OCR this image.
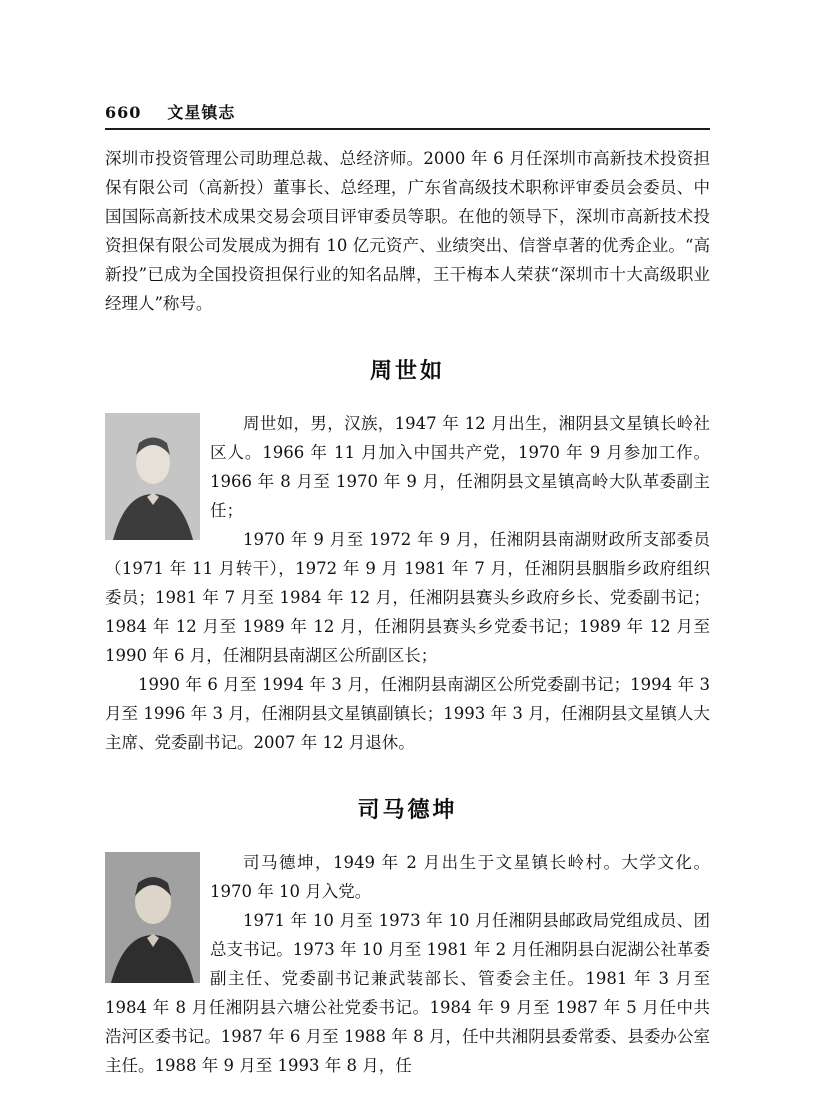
660 文星镇志

深圳市投资管理公司助理总裁、总经济师。2000 年 6 月任深圳市高新技术投资担保有限公司（高新投）董事长、总经理，广东省高级技术职称评审委员会委员、中国国际高新技术成果交易会项目评审委员等职。在他的领导下，深圳市高新技术投资担保有限公司发展成为拥有 10 亿元资产、业绩突出、信誉卓著的优秀企业。“高新投”已成为全国投资担保行业的知名品牌，王干梅本人荣获“深圳市十大高级职业经理人”称号。

周世如

周世如，男，汉族，1947 年 12 月出生，湘阴县文星镇长岭社区人。1966 年 11 月加入中国共产党，1970 年 9 月参加工作。1966 年 8 月至 1970 年 9 月，任湘阴县文星镇高岭大队革委副主任；

1970 年 9 月至 1972 年 9 月，任湘阴县南湖财政所支部委员（1971 年 11 月转干），1972 年 9 月 1981 年 7 月，任湘阴县胭脂乡政府组织委员；1981 年 7 月至 1984 年 12 月，任湘阴县赛头乡政府乡长、党委副书记；1984 年 12 月至 1989 年 12 月，任湘阴县赛头乡党委书记；1989 年 12 月至 1990 年 6 月，任湘阴县南湖区公所副区长；

1990 年 6 月至 1994 年 3 月，任湘阴县南湖区公所党委副书记；1994 年 3 月至 1996 年 3 月，任湘阴县文星镇副镇长；1993 年 3 月，任湘阴县文星镇人大主席、党委副书记。2007 年 12 月退休。

司马德坤

司马德坤，1949 年 2 月出生于文星镇长岭村。大学文化。1970 年 10 月入党。

1971 年 10 月至 1973 年 10 月任湘阴县邮政局党组成员、团总支书记。1973 年 10 月至 1981 年 2 月任湘阴县白泥湖公社革委副主任、党委副书记兼武装部长、管委会主任。1981 年 3 月至 1984 年 8 月任湘阴县六塘公社党委书记。1984 年 9 月至 1987 年 5 月任中共浩河区委书记。1987 年 6 月至 1988 年 8 月，任中共湘阴县委常委、县委办公室主任。1988 年 9 月至 1993 年 8 月，任
